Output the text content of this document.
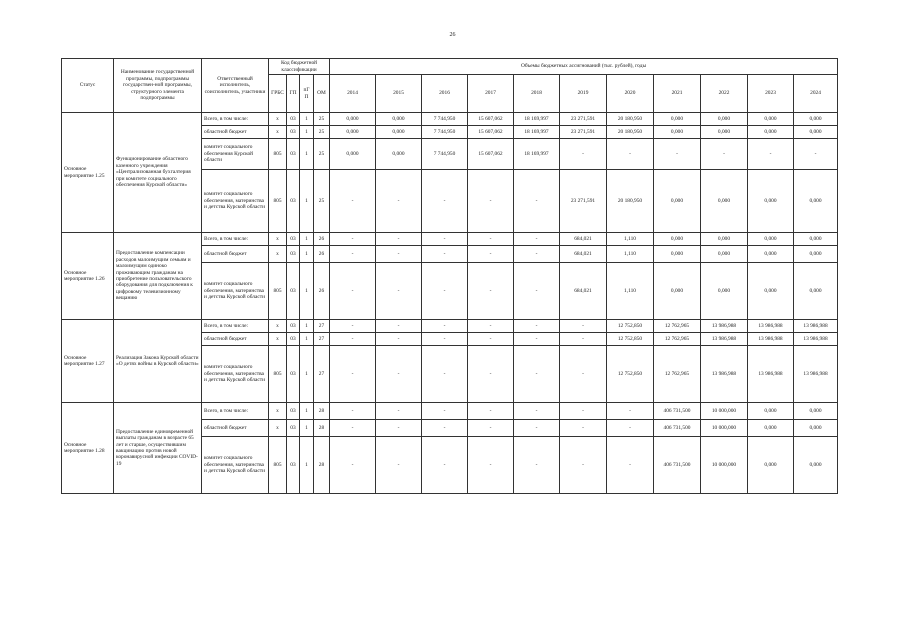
26
Статус	Наименование государственной программы, подпрограммы государствен-ной программы, структурного элемента подпрограммы	Ответственный исполнитель, соисполнитель, участники	Код бюджетной классификации				Объемы бюджетных ассигнований (тыс. рублей), годы										
			ГРБС	ГП	пГП	ОМ	2014	2015	2016	2017	2018	2019	2020	2021	2022	2023	2024
Основное мероприятие 1.25	Функционирование областного казенного учреждения «Централизованная бухгалтерия при комитете социального обеспечения Курской области»	Всего, в том числе:	х	03	1	25	0,000	0,000	7 744,950	15 607,062	18 169,997	23 271,591	20 180,950	0,000	0,000	0,000	0,000
		областной бюджет	х	03	1	25	0,000	0,000	7 744,950	15 607,062	18 169,997	23 271,591	20 180,950	0,000	0,000	0,000	0,000
		комитет социального обеспечения Курской области	805	03	1	25	0,000	0,000	7 744,950	15 607,062	18 169,997	-	-	-	-	-	-
		комитет социального обеспечения, материнства и детства Курской области	805	03	1	25	-	-	-	-	-	23 271,591	20 180,950	0,000	0,000	0,000	0,000
Основное мероприятие 1.26	Предоставление компенсации расходов малоимущим семьям и малоимущим одиноко проживающим гражданам на приобретение пользовательского оборудования для подключения к цифровому телевизионному вещанию	Всего, в том числе:	х	03	1	26	-	-	-	-	-	684,021	1,110	0,000	0,000	0,000	0,000
		областной бюджет	х	03	1	26	-	-	-	-	-	684,021	1,110	0,000	0,000	0,000	0,000
		комитет социального обеспечения, материнства и детства Курской области	805	03	1	26	-	-	-	-	-	684,021	1,110	0,000	0,000	0,000	0,000
Основное мероприятие 1.27	Реализация Закона Курской области «О детях войны в Курской области»	Всего, в том числе:	х	03	1	27	-	-	-	-	-	-	12 752,850	12 762,965	13 986,988	13 986,988	13 986,988
		областной бюджет	х	03	1	27	-	-	-	-	-	-	12 752,850	12 762,965	13 986,988	13 986,988	13 986,988
		комитет социального обеспечения, материнства и детства Курской области	805	03	1	27	-	-	-	-	-	-	12 752,850	12 762,965	13 986,988	13 986,988	13 986,988
Основное мероприятие 1.28	Предоставление единовременной выплаты гражданам в возрасте 65 лет и старше, осуществившим вакцинацию против новой коронавирусной инфекции COVID-19	Всего, в том числе:	х	03	1	28	-	-	-	-	-	-	-	406 731,500	10 000,000	0,000	0,000
		областной бюджет	х	03	1	28	-	-	-	-	-	-	-	406 731,500	10 000,000	0,000	0,000
		комитет социального обеспечения, материнства и детства Курской области	805	03	1	28	-	-	-	-	-	-	-	406 731,500	10 000,000	0,000	0,000
